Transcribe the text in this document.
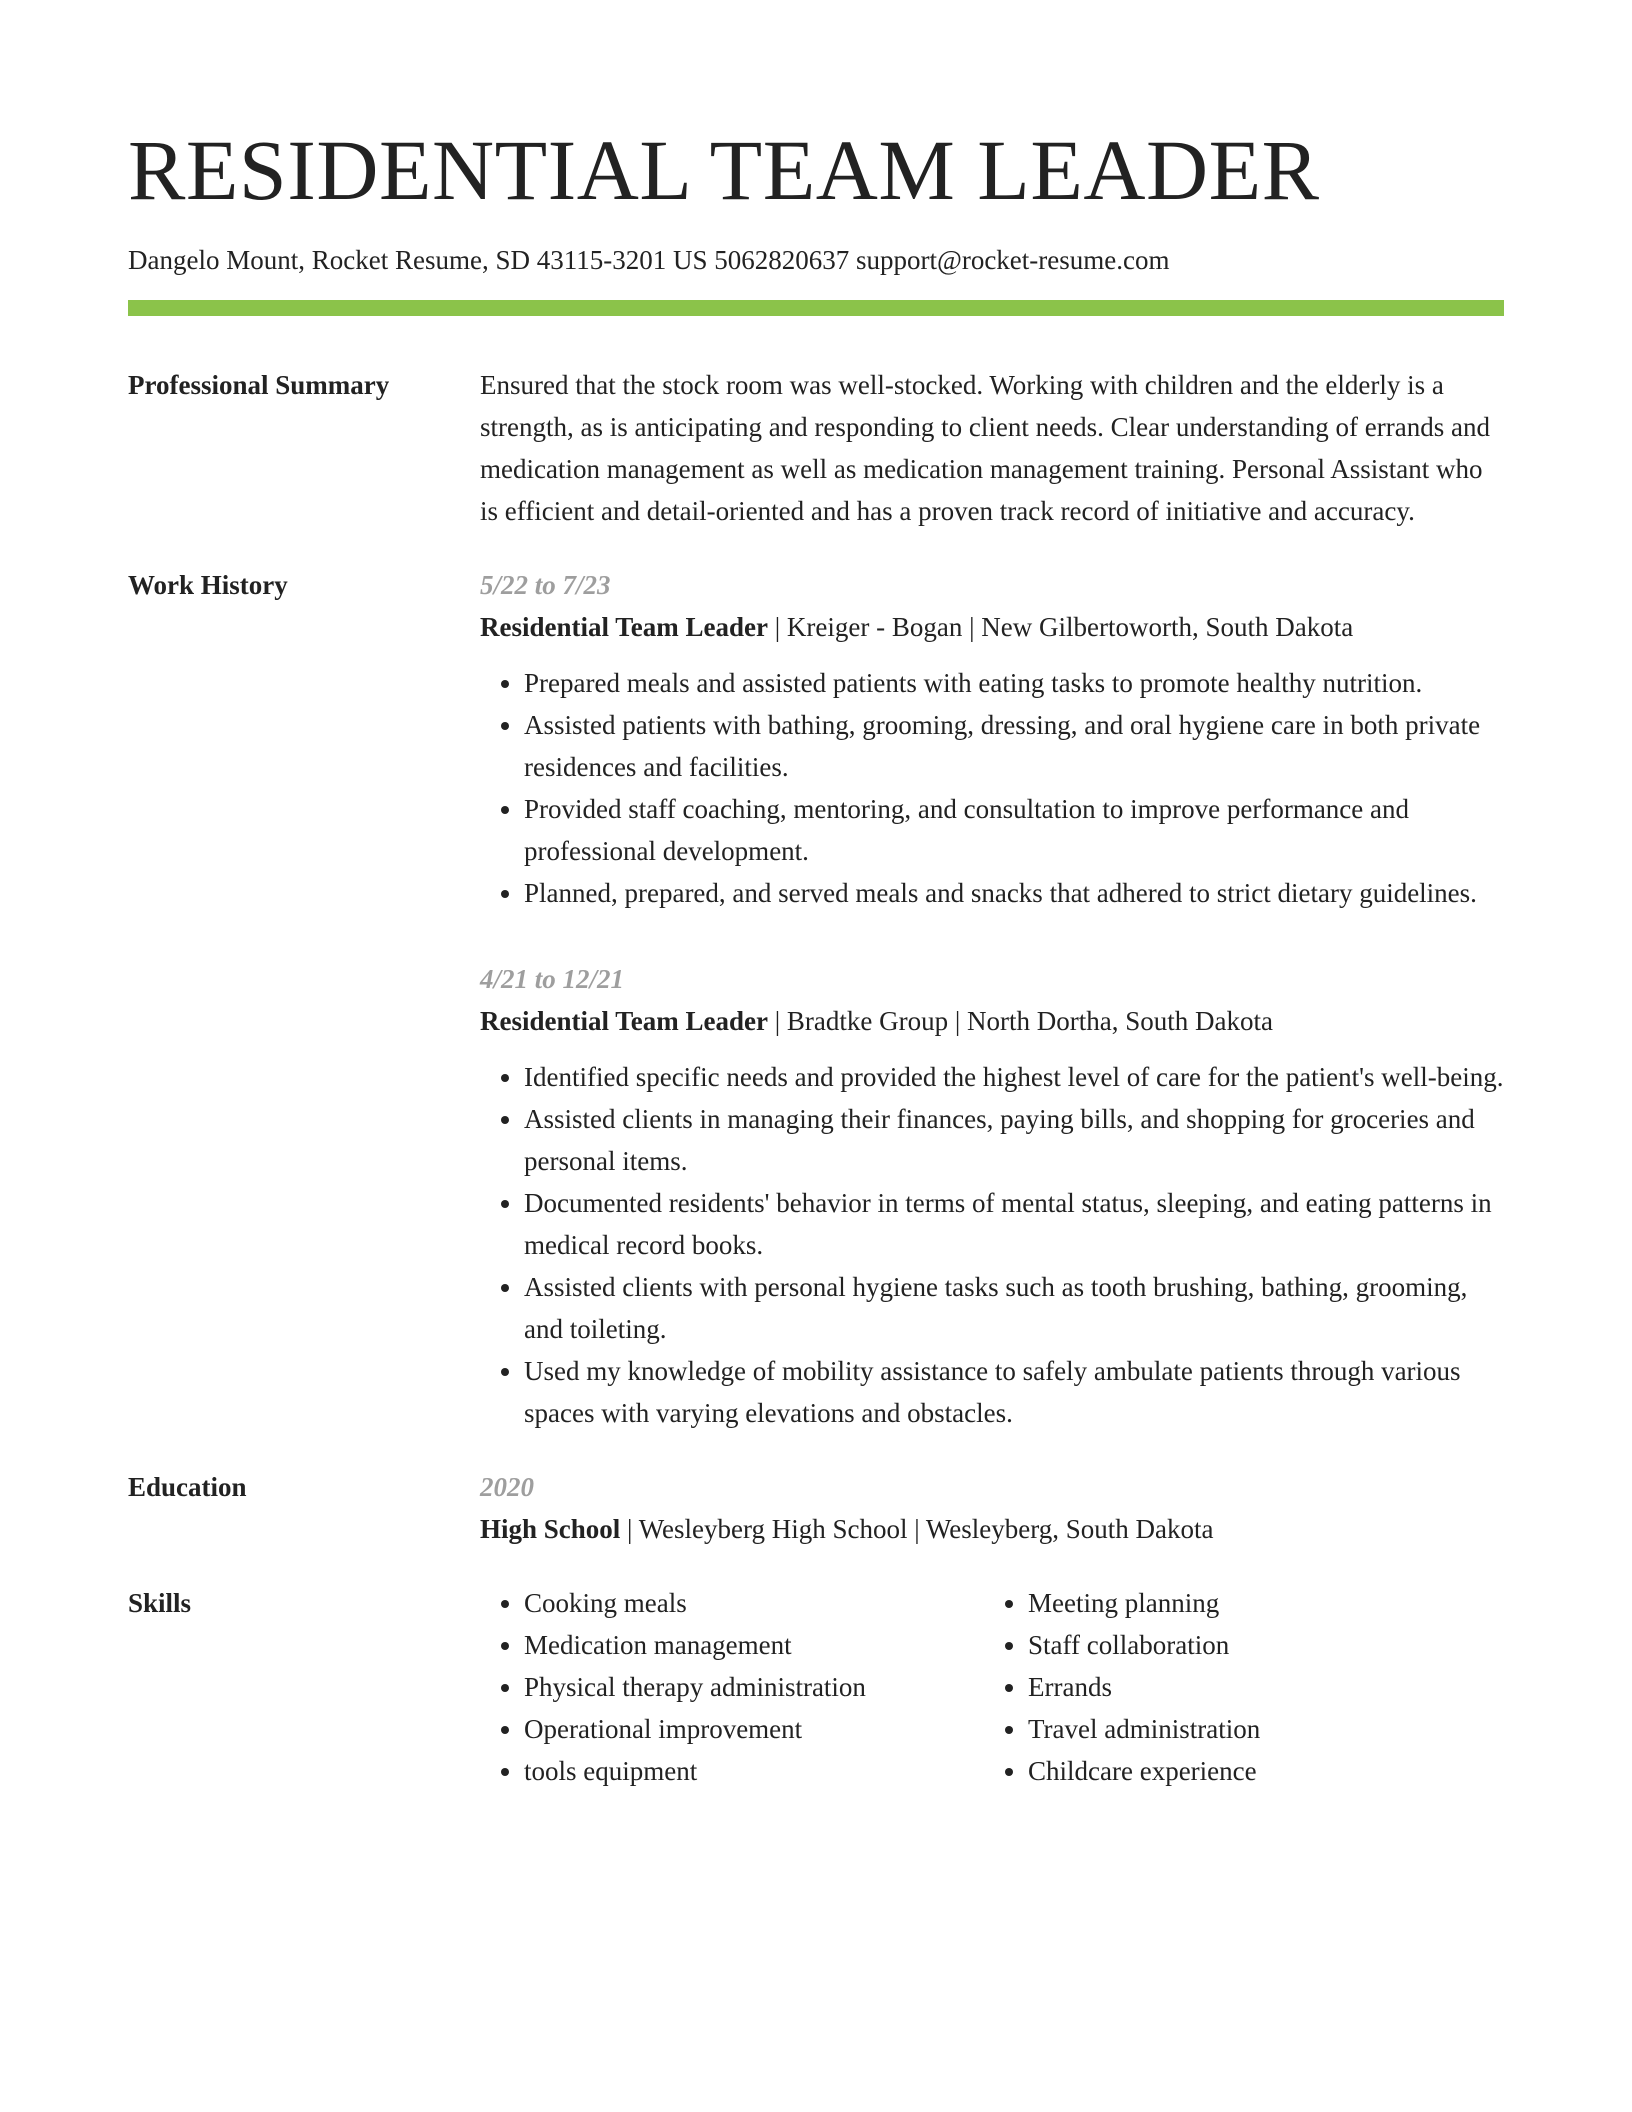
RESIDENTIAL TEAM LEADER
Dangelo Mount, Rocket Resume, SD 43115-3201 US 5062820637 support@rocket-resume.com
Professional Summary	Ensured that the stock room was well-stocked. Working with children and the elderly is a strength, as is anticipating and responding to client needs. Clear understanding of errands and medication management as well as medication management training. Personal Assistant who is efficient and detail-oriented and has a proven track record of initiative and accuracy.
Work History	5/22 to 7/23
Residential Team Leader | Kreiger - Bogan | New Gilbertoworth, South Dakota
• Prepared meals and assisted patients with eating tasks to promote healthy nutrition.
• Assisted patients with bathing, grooming, dressing, and oral hygiene care in both private residences and facilities.
• Provided staff coaching, mentoring, and consultation to improve performance and professional development.
• Planned, prepared, and served meals and snacks that adhered to strict dietary guidelines.
4/21 to 12/21
Residential Team Leader | Bradtke Group | North Dortha, South Dakota
• Identified specific needs and provided the highest level of care for the patient's well-being.
• Assisted clients in managing their finances, paying bills, and shopping for groceries and personal items.
• Documented residents' behavior in terms of mental status, sleeping, and eating patterns in medical record books.
• Assisted clients with personal hygiene tasks such as tooth brushing, bathing, grooming, and toileting.
• Used my knowledge of mobility assistance to safely ambulate patients through various spaces with varying elevations and obstacles.
Education	2020
High School | Wesleyberg High School | Wesleyberg, South Dakota
Skills
•	Cooking meals
• Medication management
• Physical therapy administration
• Operational improvement
• tools equipment
• Meeting planning
• Staff collaboration
• Errands
• Travel administration
• Childcare experience
